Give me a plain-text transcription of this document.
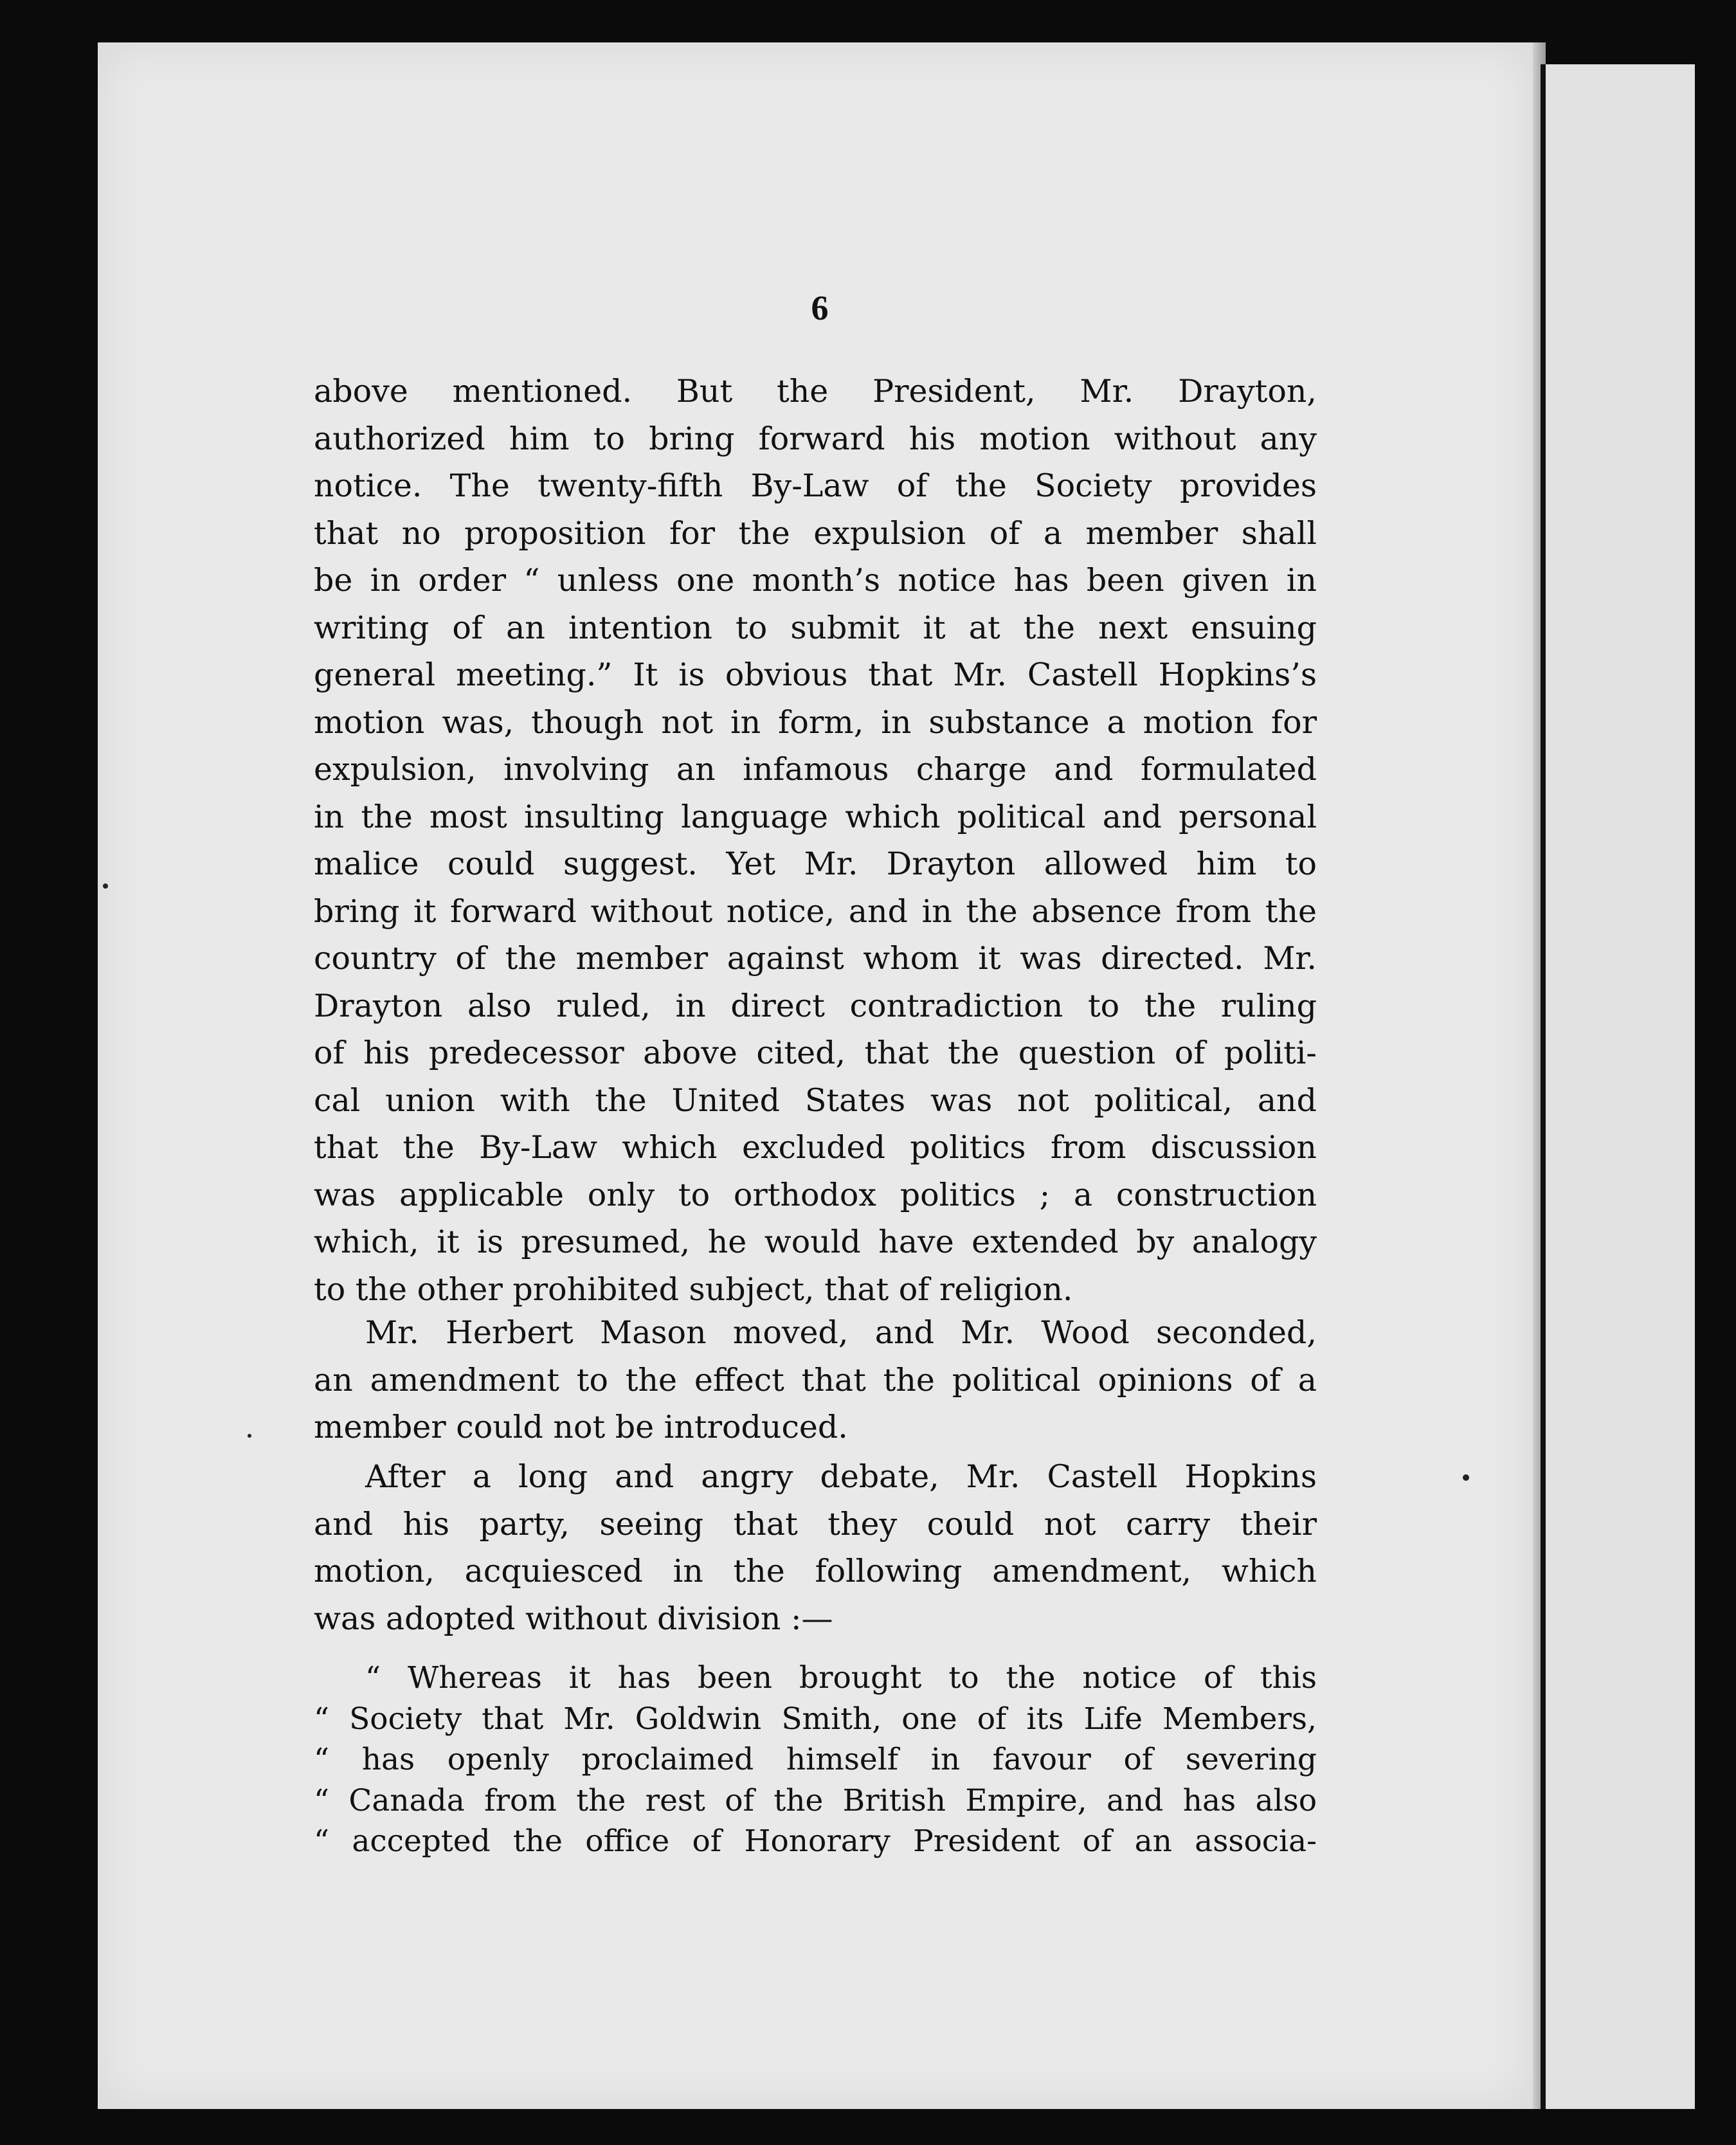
6
above mentioned. But the President, Mr. Drayton,
authorized him to bring forward his motion without any
notice. The twenty-fifth By-Law of the Society provides
that no proposition for the expulsion of a member shall
be in order “ unless one month’s notice has been given in
writing of an intention to submit it at the next ensuing
general meeting.” It is obvious that Mr. Castell Hopkins’s
motion was, though not in form, in substance a motion for
expulsion, involving an infamous charge and formulated
in the most insulting language which political and personal
malice could suggest. Yet Mr. Drayton allowed him to
bring it forward without notice, and in the absence from the
country of the member against whom it was directed. Mr.
Drayton also ruled, in direct contradiction to the ruling
of his predecessor above cited, that the question of politi-
cal union with the United States was not political, and
that the By-Law which excluded politics from discussion
was applicable only to orthodox politics ; a construction
which, it is presumed, he would have extended by analogy
to the other prohibited subject, that of religion.
Mr. Herbert Mason moved, and Mr. Wood seconded,
an amendment to the effect that the political opinions of a
member could not be introduced.
After a long and angry debate, Mr. Castell Hopkins
and his party, seeing that they could not carry their
motion, acquiesced in the following amendment, which
was adopted without division :—
“ Whereas it has been brought to the notice of this
“ Society that Mr. Goldwin Smith, one of its Life Members,
“ has openly proclaimed himself in favour of severing
“ Canada from the rest of the British Empire, and has also
“ accepted the office of Honorary President of an associa-
